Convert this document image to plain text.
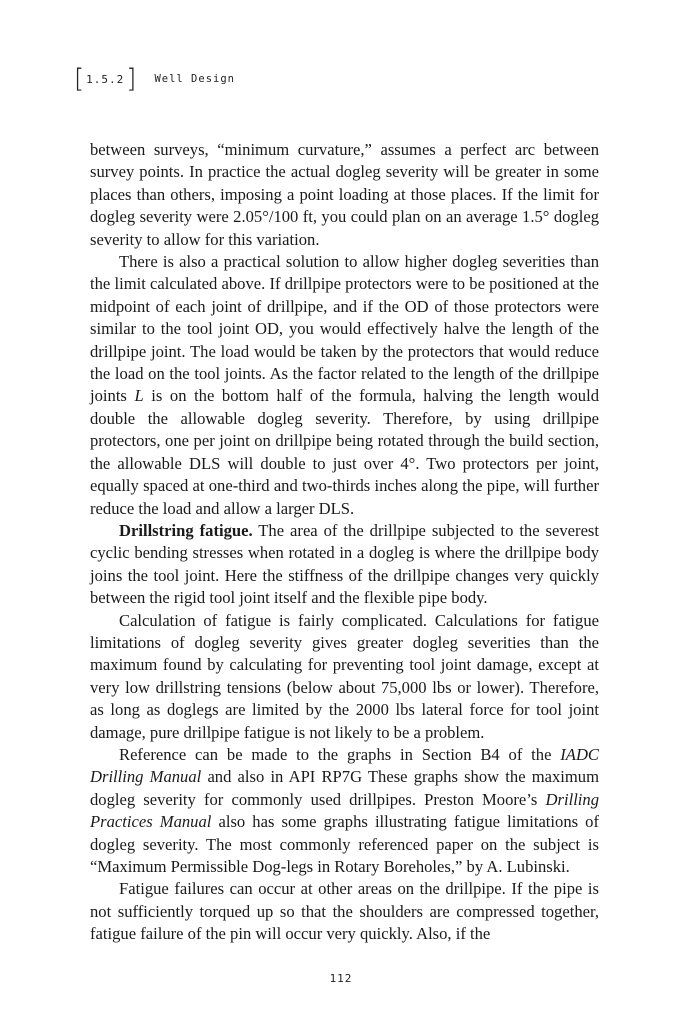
[ 1.5.2 ] Well Design

between surveys, “minimum curvature,” assumes a perfect arc between survey points. In practice the actual dogleg severity will be greater in some places than others, imposing a point loading at those places. If the limit for dogleg severity were 2.05°/100 ft, you could plan on an average 1.5° dogleg severity to allow for this variation.

There is also a practical solution to allow higher dogleg severities than the limit calculated above. If drillpipe protectors were to be positioned at the midpoint of each joint of drillpipe, and if the OD of those protectors were similar to the tool joint OD, you would effectively halve the length of the drillpipe joint. The load would be taken by the protectors that would reduce the load on the tool joints. As the factor related to the length of the drillpipe joints L is on the bottom half of the formula, halving the length would double the allowable dogleg severity. Therefore, by using drillpipe protectors, one per joint on drillpipe being rotated through the build section, the allowable DLS will double to just over 4°. Two protectors per joint, equally spaced at one-third and two-thirds inches along the pipe, will further reduce the load and allow a larger DLS.

Drillstring fatigue. The area of the drillpipe subjected to the severest cyclic bending stresses when rotated in a dogleg is where the drillpipe body joins the tool joint. Here the stiffness of the drillpipe changes very quickly between the rigid tool joint itself and the flexible pipe body.

Calculation of fatigue is fairly complicated. Calculations for fatigue limitations of dogleg severity gives greater dogleg severities than the maximum found by calculating for preventing tool joint damage, except at very low drillstring tensions (below about 75,000 lbs or lower). Therefore, as long as doglegs are limited by the 2000 lbs lateral force for tool joint damage, pure drillpipe fatigue is not likely to be a problem.

Reference can be made to the graphs in Section B4 of the IADC Drilling Manual and also in API RP7G These graphs show the maximum dogleg severity for commonly used drillpipes. Preston Moore’s Drilling Practices Manual also has some graphs illustrating fatigue limitations of dogleg severity. The most commonly referenced paper on the subject is “Maximum Permissible Dog-legs in Rotary Boreholes,” by A. Lubinski.

Fatigue failures can occur at other areas on the drillpipe. If the pipe is not sufficiently torqued up so that the shoulders are compressed together, fatigue failure of the pin will occur very quickly. Also, if the

112
